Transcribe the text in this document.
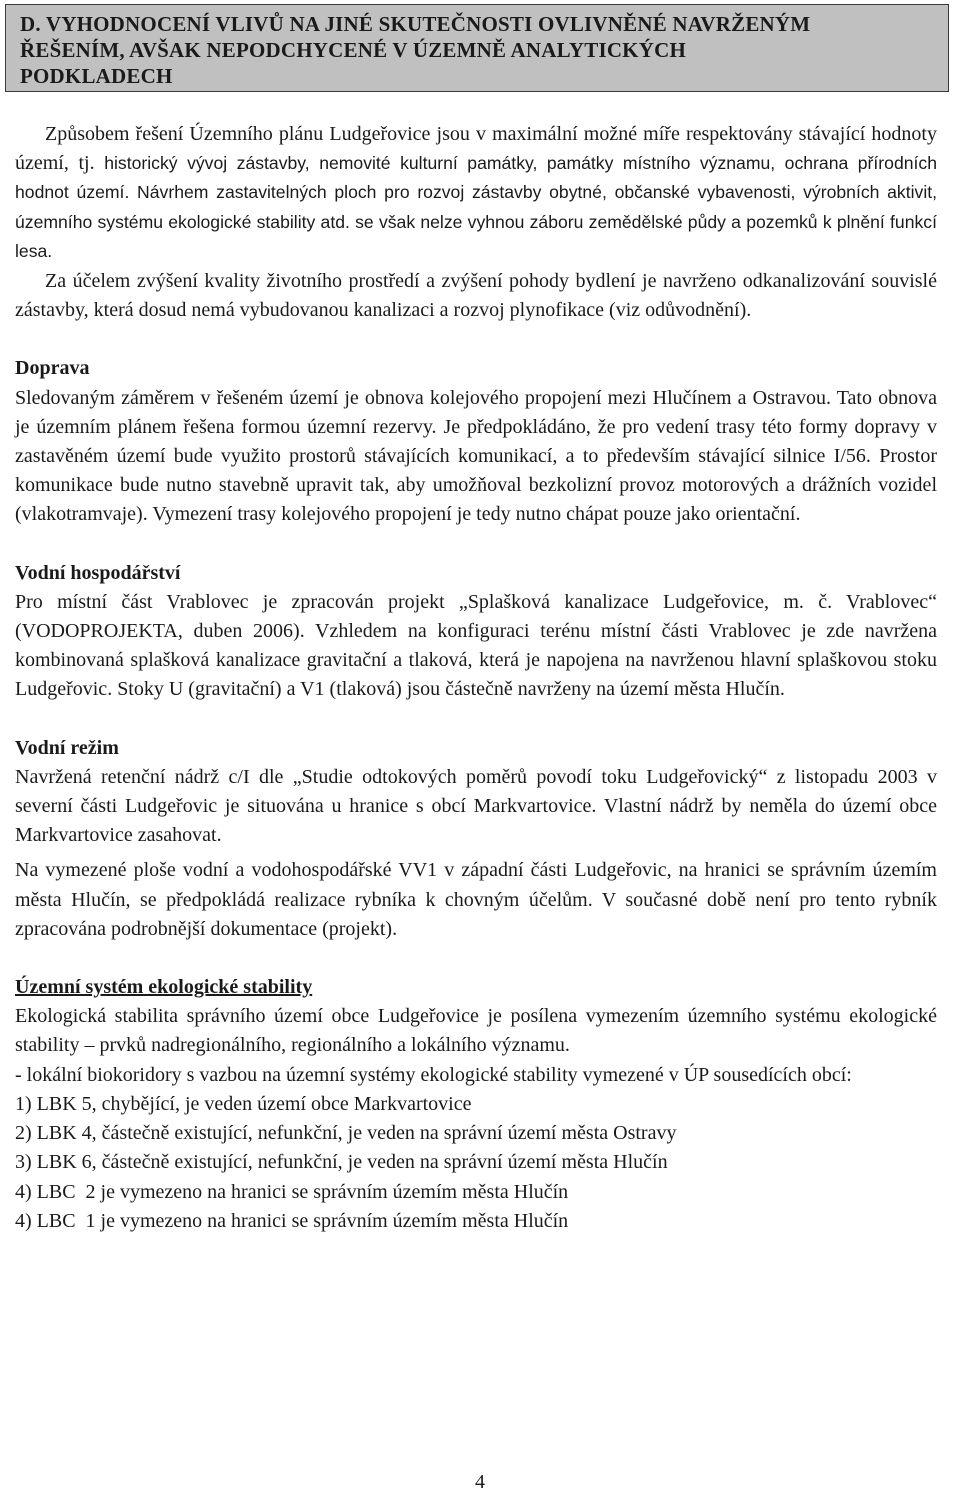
D. VYHODNOCENÍ VLIVŮ NA JINÉ SKUTEČNOSTI OVLIVNĚNÉ NAVRŽENÝM
ŘEŠENÍM, AVŠAK NEPODCHYCENÉ V ÚZEMNĚ ANALYTICKÝCH
PODKLADECH

Způsobem řešení Územního plánu Ludgeřovice jsou v maximální možné míře respektovány stávající hodnoty území, tj. historický vývoj zástavby, nemovité kulturní památky, památky místního významu, ochrana přírodních hodnot území. Návrhem zastavitelných ploch pro rozvoj zástavby obytné, občanské vybavenosti, výrobních aktivit, územního systému ekologické stability atd. se však nelze vyhnou záboru zemědělské půdy a pozemků k plnění funkcí lesa.

Za účelem zvýšení kvality životního prostředí a zvýšení pohody bydlení je navrženo odkanalizování souvislé zástavby, která dosud nemá vybudovanou kanalizaci a rozvoj plynofikace (viz odůvodnění).

Doprava

Sledovaným záměrem v řešeném území je obnova kolejového propojení mezi Hlučínem a Ostravou. Tato obnova je územním plánem řešena formou územní rezervy. Je předpokládáno, že pro vedení trasy této formy dopravy v zastavěném území bude využito prostorů stávajících komunikací, a to především stávající silnice I/56. Prostor komunikace bude nutno stavebně upravit tak, aby umožňoval bezkolizní provoz motorových a drážních vozidel (vlakotramvaje). Vymezení trasy kolejového propojení je tedy nutno chápat pouze jako orientační.

Vodní hospodářství

Pro místní část Vrablovec je zpracován projekt „Splašková kanalizace Ludgeřovice, m. č. Vrablovec“ (VODOPROJEKTA, duben 2006). Vzhledem na konfiguraci terénu místní části Vrablovec je zde navržena kombinovaná splašková kanalizace gravitační a tlaková, která je napojena na navrženou hlavní splaškovou stoku Ludgeřovic. Stoky U (gravitační) a V1 (tlaková) jsou částečně navrženy na území města Hlučín.

Vodní režim

Navržená retenční nádrž c/I dle „Studie odtokových poměrů povodí toku Ludgeřovický“ z listopadu 2003 v severní části Ludgeřovic je situována u hranice s obcí Markvartovice. Vlastní nádrž by neměla do území obce Markvartovice zasahovat.

Na vymezené ploše vodní a vodohospodářské VV1 v západní části Ludgeřovic, na hranici se správním územím města Hlučín, se předpokládá realizace rybníka k chovným účelům. V současné době není pro tento rybník zpracována podrobnější dokumentace (projekt).

Územní systém ekologické stability

Ekologická stabilita správního území obce Ludgeřovice je posílena vymezením územního systému ekologické stability – prvků nadregionálního, regionálního a lokálního významu.

- lokální biokoridory s vazbou na územní systémy ekologické stability vymezené v ÚP sousedících obcí:

1) LBK 5, chybějící, je veden území obce Markvartovice

2) LBK 4, částečně existující, nefunkční, je veden na správní území města Ostravy

3) LBK 6, částečně existující, nefunkční, je veden na správní území města Hlučín

4) LBC  2 je vymezeno na hranici se správním územím města Hlučín

4) LBC  1 je vymezeno na hranici se správním územím města Hlučín

4
